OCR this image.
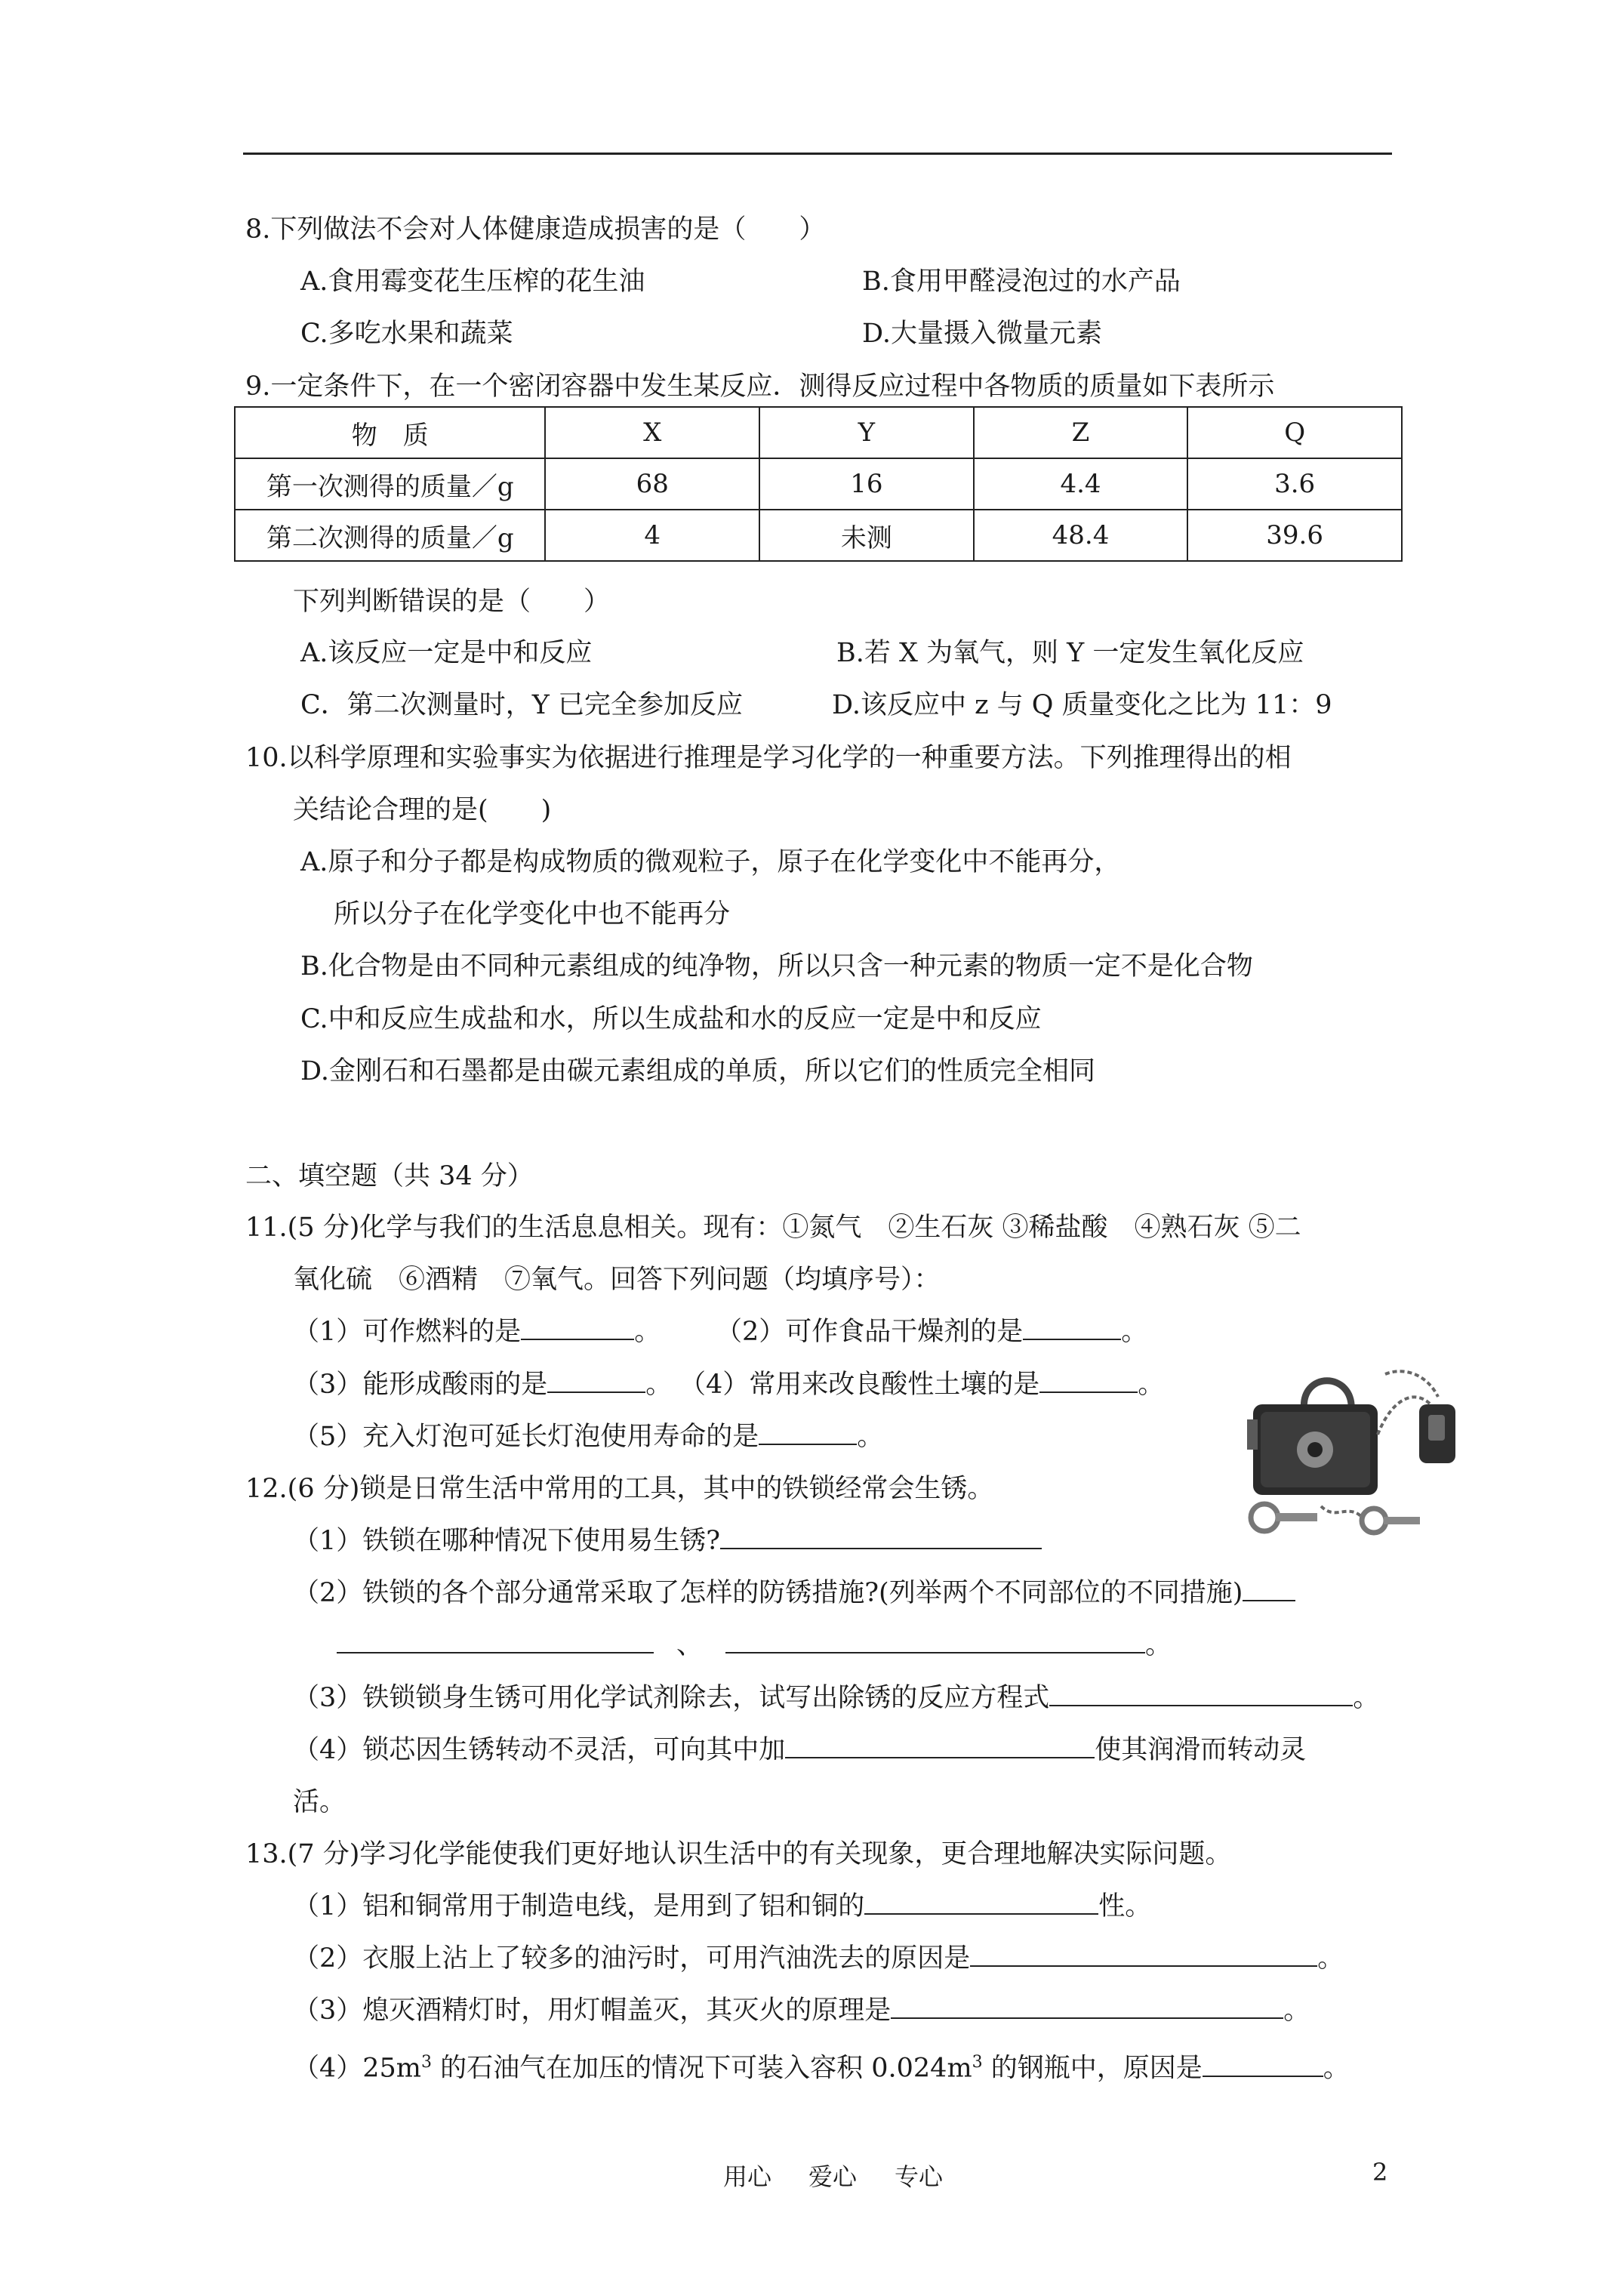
8.下列做法不会对人体健康造成损害的是（　　）
A.食用霉变花生压榨的花生油	B.食用甲醛浸泡过的水产品
C.多吃水果和蔬菜	D.大量摄入微量元素
9.一定条件下，在一个密闭容器中发生某反应．测得反应过程中各物质的质量如下表所示
物　质	X	Y	Z	Q
第一次测得的质量／g	68	16	4.4	3.6
第二次测得的质量／g	4	未测	48.4	39.6
下列判断错误的是（　　）
A.该反应一定是中和反应	B.若 X 为氧气，则 Y 一定发生氧化反应
C．第二次测量时，Y 已完全参加反应	D.该反应中 z 与 Q 质量变化之比为 11：9
10.以科学原理和实验事实为依据进行推理是学习化学的一种重要方法。下列推理得出的相
关结论合理的是(　　)
A.原子和分子都是构成物质的微观粒子，原子在化学变化中不能再分，
所以分子在化学变化中也不能再分
B.化合物是由不同种元素组成的纯净物，所以只含一种元素的物质一定不是化合物
C.中和反应生成盐和水，所以生成盐和水的反应一定是中和反应
D.金刚石和石墨都是由碳元素组成的单质，所以它们的性质完全相同
二、填空题（共 34 分）
11.(5 分)化学与我们的生活息息相关。现有：①氮气　②生石灰 ③稀盐酸　④熟石灰 ⑤二
氧化硫　⑥酒精　⑦氧气。回答下列问题（均填序号）：
（1）可作燃料的是	。 （2）可作食品干燥剂的是	。
（3）能形成酸雨的是	。 （4）常用来改良酸性土壤的是	。
（5）充入灯泡可延长灯泡使用寿命的是	。
12.(6 分)锁是日常生活中常用的工具，其中的铁锁经常会生锈。
（1）铁锁在哪种情况下使用易生锈?
（2）铁锁的各个部分通常采取了怎样的防锈措施?(列举两个不同部位的不同措施)
、	。
（3）铁锁锁身生锈可用化学试剂除去，试写出除锈的反应方程式	。
（4）锁芯因生锈转动不灵活，可向其中加	使其润滑而转动灵
活。
13.(7 分)学习化学能使我们更好地认识生活中的有关现象，更合理地解决实际问题。
（1）铝和铜常用于制造电线，是用到了铝和铜的	性。
（2）衣服上沾上了较多的油污时，可用汽油洗去的原因是	。
（3）熄灭酒精灯时，用灯帽盖灭，其灭火的原理是	。
$(4)25m^3$ 的石油气在加压的情况下可装入容积 $0.024m^3$ 的钢瓶中，原因是	。
用心 爱心 专心	2
